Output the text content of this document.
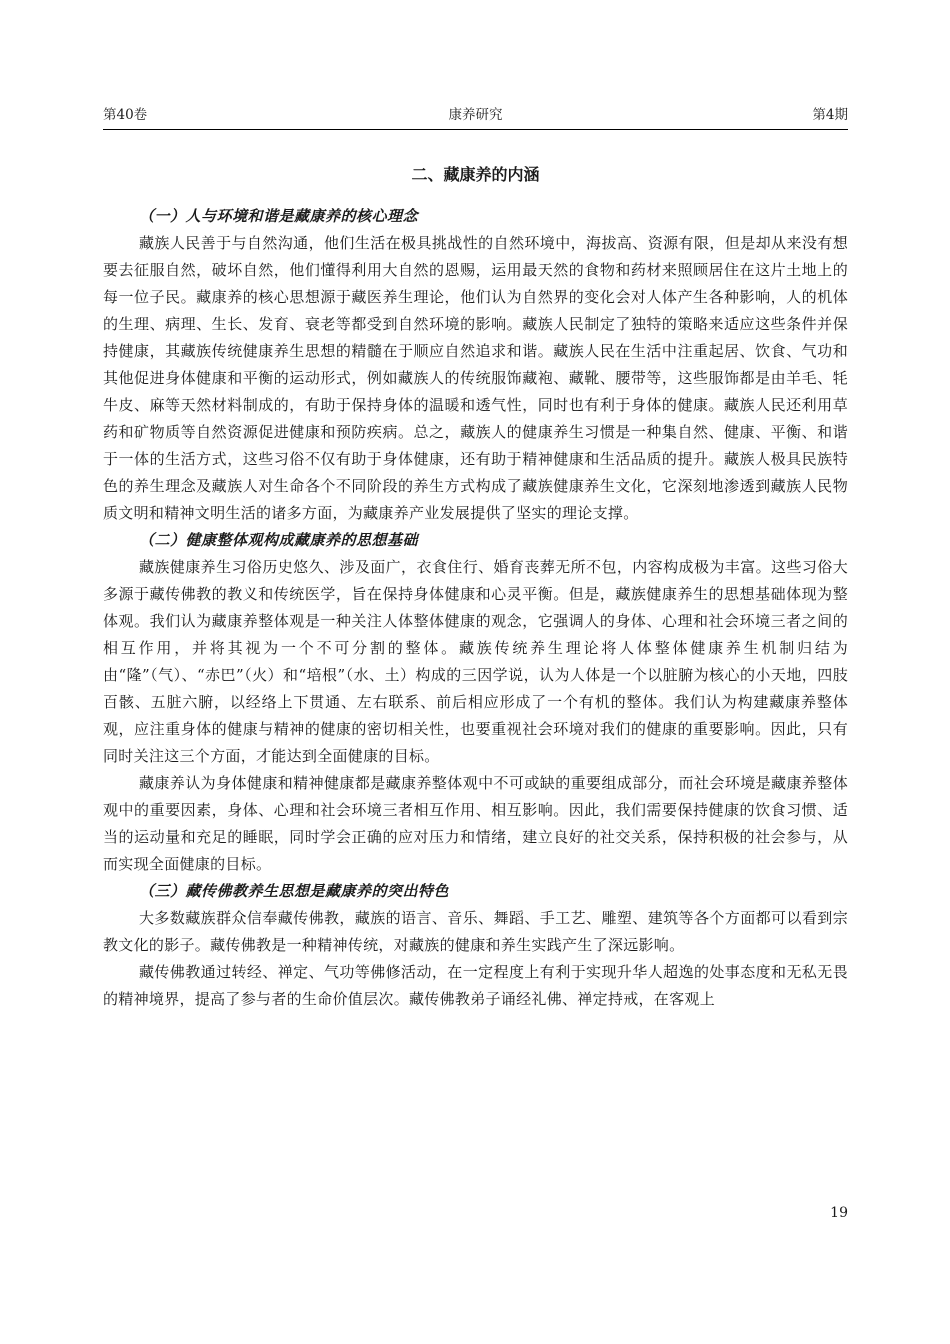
第40卷	康养研究	第4期
二、藏康养的内涵
（一）人与环境和谐是藏康养的核心理念

藏族人民善于与自然沟通，他们生活在极具挑战性的自然环境中，海拔高、资源有限，但是却从来没有想要去征服自然，破坏自然，他们懂得利用大自然的恩赐，运用最天然的食物和药材来照顾居住在这片土地上的每一位子民。藏康养的核心思想源于藏医养生理论，他们认为自然界的变化会对人体产生各种影响，人的机体的生理、病理、生长、发育、衰老等都受到自然环境的影响。藏族人民制定了独特的策略来适应这些条件并保持健康，其藏族传统健康养生思想的精髓在于顺应自然追求和谐。藏族人民在生活中注重起居、饮食、气功和其他促进身体健康和平衡的运动形式，例如藏族人的传统服饰藏袍、藏靴、腰带等，这些服饰都是由羊毛、牦牛皮、麻等天然材料制成的，有助于保持身体的温暖和透气性，同时也有利于身体的健康。藏族人民还利用草药和矿物质等自然资源促进健康和预防疾病。总之，藏族人的健康养生习惯是一种集自然、健康、平衡、和谐于一体的生活方式，这些习俗不仅有助于身体健康，还有助于精神健康和生活品质的提升。藏族人极具民族特色的养生理念及藏族人对生命各个不同阶段的养生方式构成了藏族健康养生文化，它深刻地渗透到藏族人民物质文明和精神文明生活的诸多方面，为藏康养产业发展提供了坚实的理论支撑。

（二）健康整体观构成藏康养的思想基础

藏族健康养生习俗历史悠久、涉及面广，衣食住行、婚育丧葬无所不包，内容构成极为丰富。这些习俗大多源于藏传佛教的教义和传统医学，旨在保持身体健康和心灵平衡。但是，藏族健康养生的思想基础体现为整体观。我们认为藏康养整体观是一种关注人体整体健康的观念，它强调人的身体、心理和社会环境三者之间的相互作用，并将其视为一个不可分割的整体。藏族传统养生理论将人体整体健康养生机制归结为由“隆”（气）、“赤巴”（火）和“培根”（水、土）构成的三因学说，认为人体是一个以脏腑为核心的小天地，四肢百骸、五脏六腑，以经络上下贯通、左右联系、前后相应形成了一个有机的整体。我们认为构建藏康养整体观，应注重身体的健康与精神的健康的密切相关性，也要重视社会环境对我们的健康的重要影响。因此，只有同时关注这三个方面，才能达到全面健康的目标。

藏康养认为身体健康和精神健康都是藏康养整体观中不可或缺的重要组成部分，而社会环境是藏康养整体观中的重要因素，身体、心理和社会环境三者相互作用、相互影响。因此，我们需要保持健康的饮食习惯、适当的运动量和充足的睡眠，同时学会正确的应对压力和情绪，建立良好的社交关系，保持积极的社会参与，从而实现全面健康的目标。

（三）藏传佛教养生思想是藏康养的突出特色

大多数藏族群众信奉藏传佛教，藏族的语言、音乐、舞蹈、手工艺、雕塑、建筑等各个方面都可以看到宗教文化的影子。藏传佛教是一种精神传统，对藏族的健康和养生实践产生了深远影响。

藏传佛教通过转经、禅定、气功等佛修活动，在一定程度上有利于实现升华人超逸的处事态度和无私无畏的精神境界，提高了参与者的生命价值层次。藏传佛教弟子诵经礼佛、禅定持戒，在客观上

19
